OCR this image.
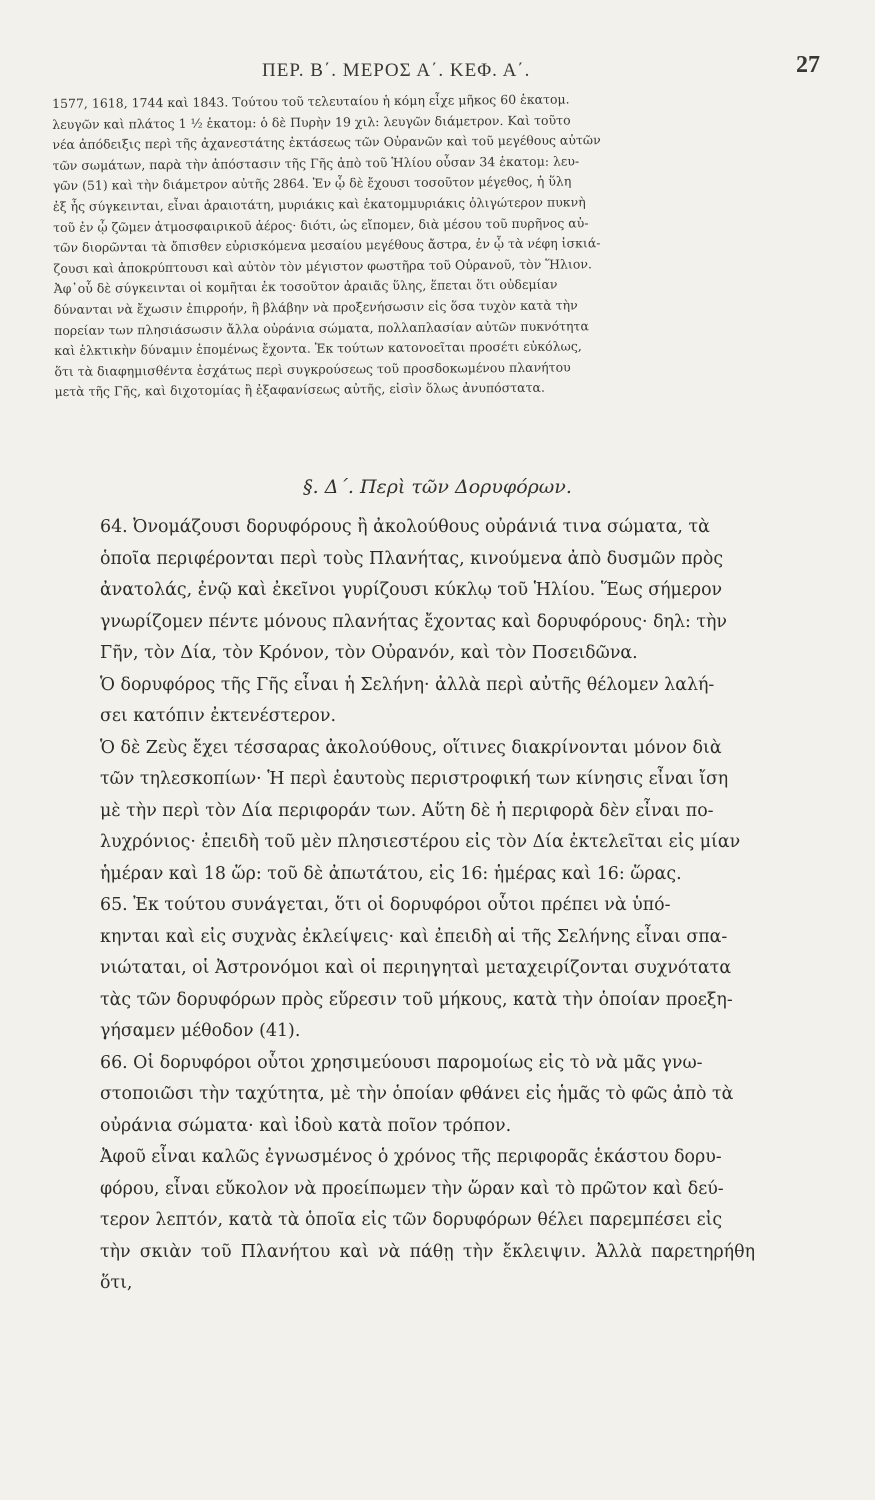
ΠΕΡ. Β΄. ΜΕΡΟΣ Α΄. ΚΕΦ. Α΄.	27

1577, 1618, 1744 καὶ 1843. Τούτου τοῦ τελευταίου ἡ κόμη εἶχε μῆκος 60 ἑκατομ.

λευγῶν καὶ πλάτος 1 ½ ἑκατομ: ὁ δὲ Πυρὴν 19 χιλ: λευγῶν διάμετρον. Καὶ τοῦτο

νέα ἀπόδειξις περὶ τῆς ἀχανεστάτης ἐκτάσεως τῶν Οὐρανῶν καὶ τοῦ μεγέθους αὐτῶν

τῶν σωμάτων, παρὰ τὴν ἀπόστασιν τῆς Γῆς ἀπὸ τοῦ Ἡλίου οὖσαν 34 ἑκατομ: λευ-

γῶν (51) καὶ τὴν διάμετρον αὐτῆς 2864. Ἐν ᾧ δὲ ἔχουσι τοσοῦτον μέγεθος, ἡ ὕλη

ἐξ ἧς σύγκεινται, εἶναι ἀραιοτάτη, μυριάκις καὶ ἑκατομμυριάκις ὀλιγώτερον πυκνὴ

τοῦ ἐν ᾧ ζῶμεν ἀτμοσφαιρικοῦ ἀέρος· διότι, ὡς εἴπομεν, διὰ μέσου τοῦ πυρῆνος αὐ-

τῶν διορῶνται τὰ ὄπισθεν εὑρισκόμενα μεσαίου μεγέθους ἄστρα, ἐν ᾧ τὰ νέφη ἰσκιά-

ζουσι καὶ ἀποκρύπτουσι καὶ αὐτὸν τὸν μέγιστον φωστῆρα τοῦ Οὐρανοῦ, τὸν Ἥλιον.

Ἀφ᾽οὗ δὲ σύγκεινται οἱ κομῆται ἐκ τοσοῦτον ἀραιᾶς ὕλης, ἕπεται ὅτι οὐδεμίαν

δύνανται νὰ ἔχωσιν ἐπιρροήν, ἢ βλάβην νὰ προξενήσωσιν εἰς ὅσα τυχὸν κατὰ τὴν

πορείαν των πλησιάσωσιν ἄλλα οὐράνια σώματα, πολλαπλασίαν αὐτῶν πυκνότητα

καὶ ἑλκτικὴν δύναμιν ἑπομένως ἔχοντα. Ἐκ τούτων κατονοεῖται προσέτι εὐκόλως,

ὅτι τὰ διαφημισθέντα ἐσχάτως περὶ συγκρούσεως τοῦ προσδοκωμένου πλανήτου

μετὰ τῆς Γῆς, καὶ διχοτομίας ἢ ἐξαφανίσεως αὐτῆς, εἰσὶν ὅλως ἀνυπόστατα.

§. Δ΄. Περὶ τῶν Δορυφόρων.

64. Ὀνομάζουσι δορυφόρους ἢ ἀκολούθους οὐράνιά τινα σώματα, τὰ

ὁποῖα περιφέρονται περὶ τοὺς Πλανήτας, κινούμενα ἀπὸ δυσμῶν πρὸς

ἀνατολάς, ἐνῷ καὶ ἐκεῖνοι γυρίζουσι κύκλῳ τοῦ Ἡλίου. Ἕως σήμερον

γνωρίζομεν πέντε μόνους πλανήτας ἔχοντας καὶ δορυφόρους· δηλ: τὴν

Γῆν, τὸν Δία, τὸν Κρόνον, τὸν Οὐρανόν, καὶ τὸν Ποσειδῶνα.

Ὁ δορυφόρος τῆς Γῆς εἶναι ἡ Σελήνη· ἀλλὰ περὶ αὐτῆς θέλομεν λαλή-

σει κατόπιν ἐκτενέστερον.

Ὁ δὲ Ζεὺς ἔχει τέσσαρας ἀκολούθους, οἵτινες διακρίνονται μόνον διὰ

τῶν τηλεσκοπίων· Ἡ περὶ ἑαυτοὺς περιστροφική των κίνησις εἶναι ἴση

μὲ τὴν περὶ τὸν Δία περιφοράν των. Αὕτη δὲ ἡ περιφορὰ δὲν εἶναι πο-

λυχρόνιος· ἐπειδὴ τοῦ μὲν πλησιεστέρου εἰς τὸν Δία ἐκτελεῖται εἰς μίαν

ἡμέραν καὶ 18 ὥρ: τοῦ δὲ ἀπωτάτου, εἰς 16: ἡμέρας καὶ 16: ὥρας.

65. Ἐκ τούτου συνάγεται, ὅτι οἱ δορυφόροι οὗτοι πρέπει νὰ ὑπό-

κηνται καὶ εἰς συχνὰς ἐκλείψεις· καὶ ἐπειδὴ αἱ τῆς Σελήνης εἶναι σπα-

νιώταται, οἱ Ἀστρονόμοι καὶ οἱ περιηγηταὶ μεταχειρίζονται συχνότατα

τὰς τῶν δορυφόρων πρὸς εὕρεσιν τοῦ μήκους, κατὰ τὴν ὁποίαν προεξη-

γήσαμεν μέθοδον (41).

66. Οἱ δορυφόροι οὗτοι χρησιμεύουσι παρομοίως εἰς τὸ νὰ μᾶς γνω-

στοποιῶσι τὴν ταχύτητα, μὲ τὴν ὁποίαν φθάνει εἰς ἡμᾶς τὸ φῶς ἀπὸ τὰ

οὐράνια σώματα· καὶ ἰδοὺ κατὰ ποῖον τρόπον.

Ἀφοῦ εἶναι καλῶς ἐγνωσμένος ὁ χρόνος τῆς περιφορᾶς ἑκάστου δορυ-

φόρου, εἶναι εὔκολον νὰ προείπωμεν τὴν ὥραν καὶ τὸ πρῶτον καὶ δεύ-

τερον λεπτόν, κατὰ τὰ ὁποῖα εἰς τῶν δορυφόρων θέλει παρεμπέσει εἰς

τὴν σκιὰν τοῦ Πλανήτου καὶ νὰ πάθῃ τὴν ἔκλειψιν. Ἀλλὰ παρετηρήθη ὅτι,
